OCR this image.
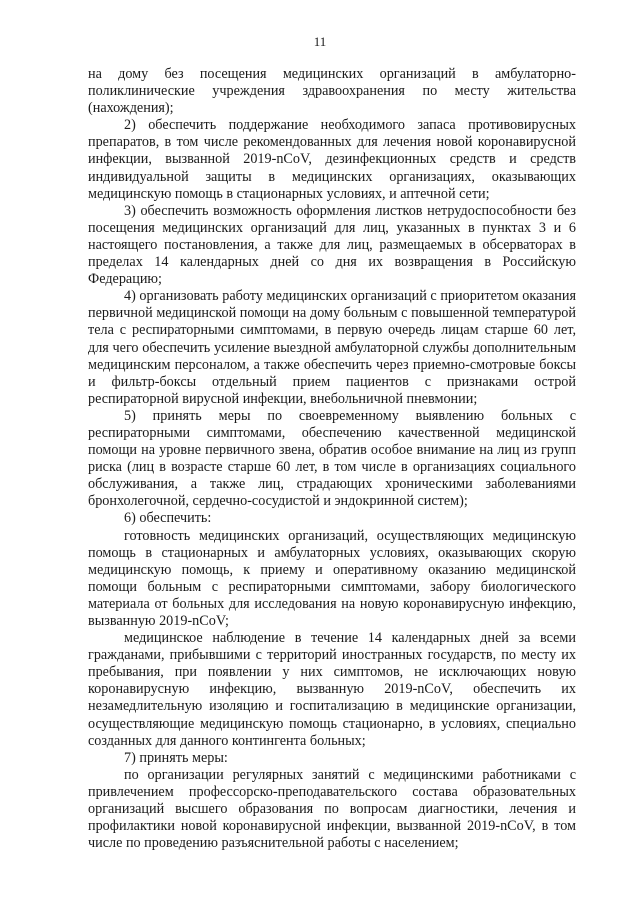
11

на дому без посещения медицинских организаций в амбулаторно-поликлинические учреждения здравоохранения по месту жительства (нахождения);

2) обеспечить поддержание необходимого запаса противовирусных препаратов, в том числе рекомендованных для лечения новой коронавирусной инфекции, вызванной 2019-nCoV, дезинфекционных средств и средств индивидуальной защиты в медицинских организациях, оказывающих медицинскую помощь в стационарных условиях, и аптечной сети;

3) обеспечить возможность оформления листков нетрудоспособности без посещения медицинских организаций для лиц, указанных в пунктах 3 и 6 настоящего постановления, а также для лиц, размещаемых в обсерваторах в пределах 14 календарных дней со дня их возвращения в Российскую Федерацию;

4) организовать работу медицинских организаций с приоритетом оказания первичной медицинской помощи на дому больным с повышенной температурой тела с респираторными симптомами, в первую очередь лицам старше 60 лет, для чего обеспечить усиление выездной амбулаторной службы дополнительным медицинским персоналом, а также обеспечить через приемно-смотровые боксы и фильтр-боксы отдельный прием пациентов с признаками острой респираторной вирусной инфекции, внебольничной пневмонии;

5) принять меры по своевременному выявлению больных с респираторными симптомами, обеспечению качественной медицинской помощи на уровне первичного звена, обратив особое внимание на лиц из групп риска (лиц в возрасте старше 60 лет, в том числе в организациях социального обслуживания, а также лиц, страдающих хроническими заболеваниями бронхолегочной, сердечно-сосудистой и эндокринной систем);

6) обеспечить:

готовность медицинских организаций, осуществляющих медицинскую помощь в стационарных и амбулаторных условиях, оказывающих скорую медицинскую помощь, к приему и оперативному оказанию медицинской помощи больным с респираторными симптомами, забору биологического материала от больных для исследования на новую коронавирусную инфекцию, вызванную 2019-nCoV;

медицинское наблюдение в течение 14 календарных дней за всеми гражданами, прибывшими с территорий иностранных государств, по месту их пребывания, при появлении у них симптомов, не исключающих новую коронавирусную инфекцию, вызванную 2019-nCoV, обеспечить их незамедлительную изоляцию и госпитализацию в медицинские организации, осуществляющие медицинскую помощь стационарно, в условиях, специально созданных для данного контингента больных;

7) принять меры:

по организации регулярных занятий с медицинскими работниками с привлечением профессорско-преподавательского состава образовательных организаций высшего образования по вопросам диагностики, лечения и профилактики новой коронавирусной инфекции, вызванной 2019-nCoV, в том числе по проведению разъяснительной работы с населением;
